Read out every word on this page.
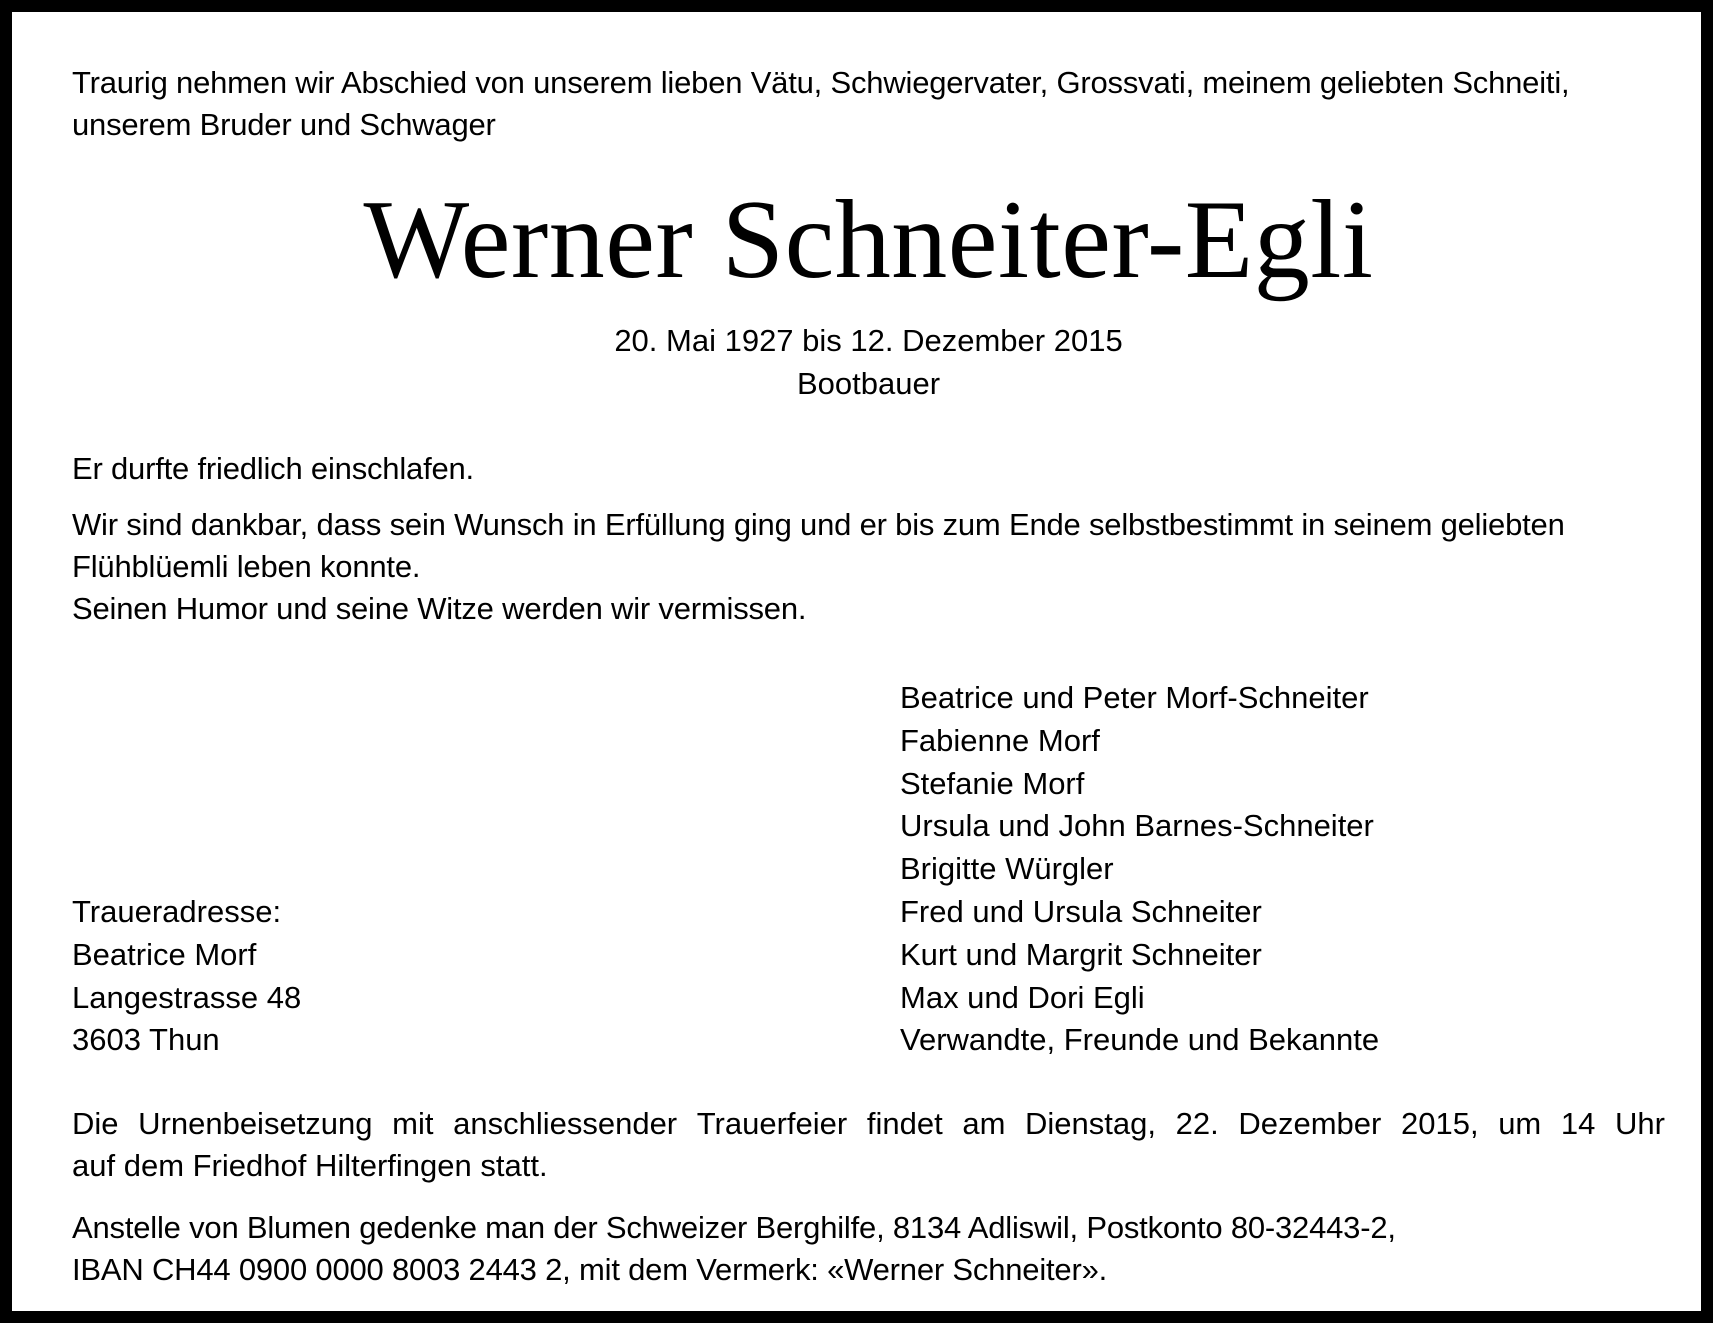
Traurig nehmen wir Abschied von unserem lieben Vätu, Schwiegervater, Grossvati, meinem geliebten Schneiti,
unserem Bruder und Schwager
Werner Schneiter-Egli
20. Mai 1927 bis 12. Dezember 2015
Bootbauer
Er durfte friedlich einschlafen.
Wir sind dankbar, dass sein Wunsch in Erfüllung ging und er bis zum Ende selbstbestimmt in seinem geliebten
Flühblüemli leben konnte.
Seinen Humor und seine Witze werden wir vermissen.
Beatrice und Peter Morf-Schneiter
Fabienne Morf
Stefanie Morf
Ursula und John Barnes-Schneiter
Brigitte Würgler
Fred und Ursula Schneiter
Kurt und Margrit Schneiter
Max und Dori Egli
Verwandte, Freunde und Bekannte
Traueradresse:
Beatrice Morf
Langestrasse 48
3603 Thun
Die Urnenbeisetzung mit anschliessender Trauerfeier findet am Dienstag, 22. Dezember 2015, um 14 Uhr
auf dem Friedhof Hilterfingen statt.
Anstelle von Blumen gedenke man der Schweizer Berghilfe, 8134 Adliswil, Postkonto 80-32443-2,
IBAN CH44 0900 0000 8003 2443 2, mit dem Vermerk: «Werner Schneiter».
